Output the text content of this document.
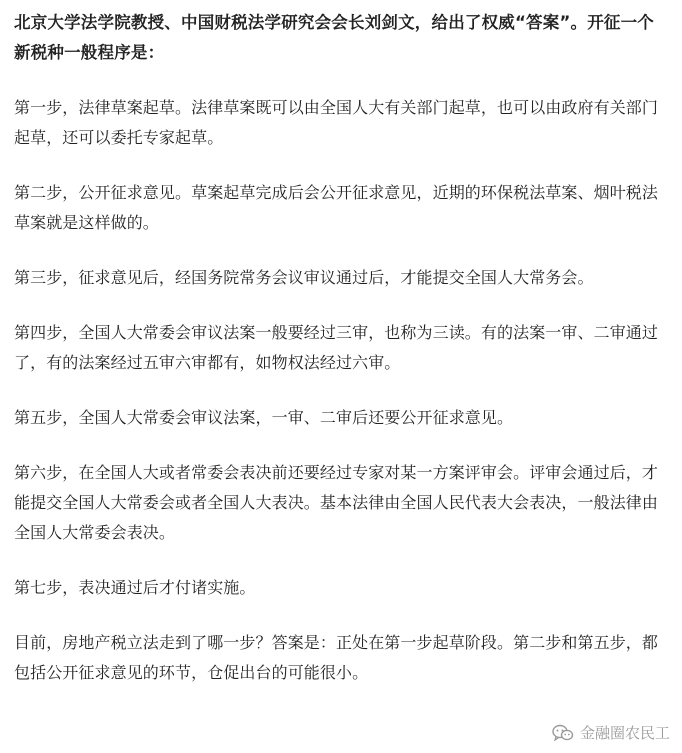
北京大学法学院教授、中国财税法学研究会会长刘剑文，给出了权威“答案”。开征一个新税种一般程序是：

第一步，法律草案起草。法律草案既可以由全国人大有关部门起草，也可以由政府有关部门起草，还可以委托专家起草。

第二步，公开征求意见。草案起草完成后会公开征求意见，近期的环保税法草案、烟叶税法草案就是这样做的。

第三步，征求意见后，经国务院常务会议审议通过后，才能提交全国人大常务会。

第四步，全国人大常委会审议法案一般要经过三审，也称为三读。有的法案一审、二审通过了，有的法案经过五审六审都有，如物权法经过六审。

第五步，全国人大常委会审议法案，一审、二审后还要公开征求意见。

第六步，在全国人大或者常委会表决前还要经过专家对某一方案评审会。评审会通过后，才能提交全国人大常委会或者全国人大表决。基本法律由全国人民代表大会表决，一般法律由全国人大常委会表决。

第七步，表决通过后才付诸实施。

目前，房地产税立法走到了哪一步？答案是：正处在第一步起草阶段。第二步和第五步，都包括公开征求意见的环节，仓促出台的可能很小。

金融圈农民工
